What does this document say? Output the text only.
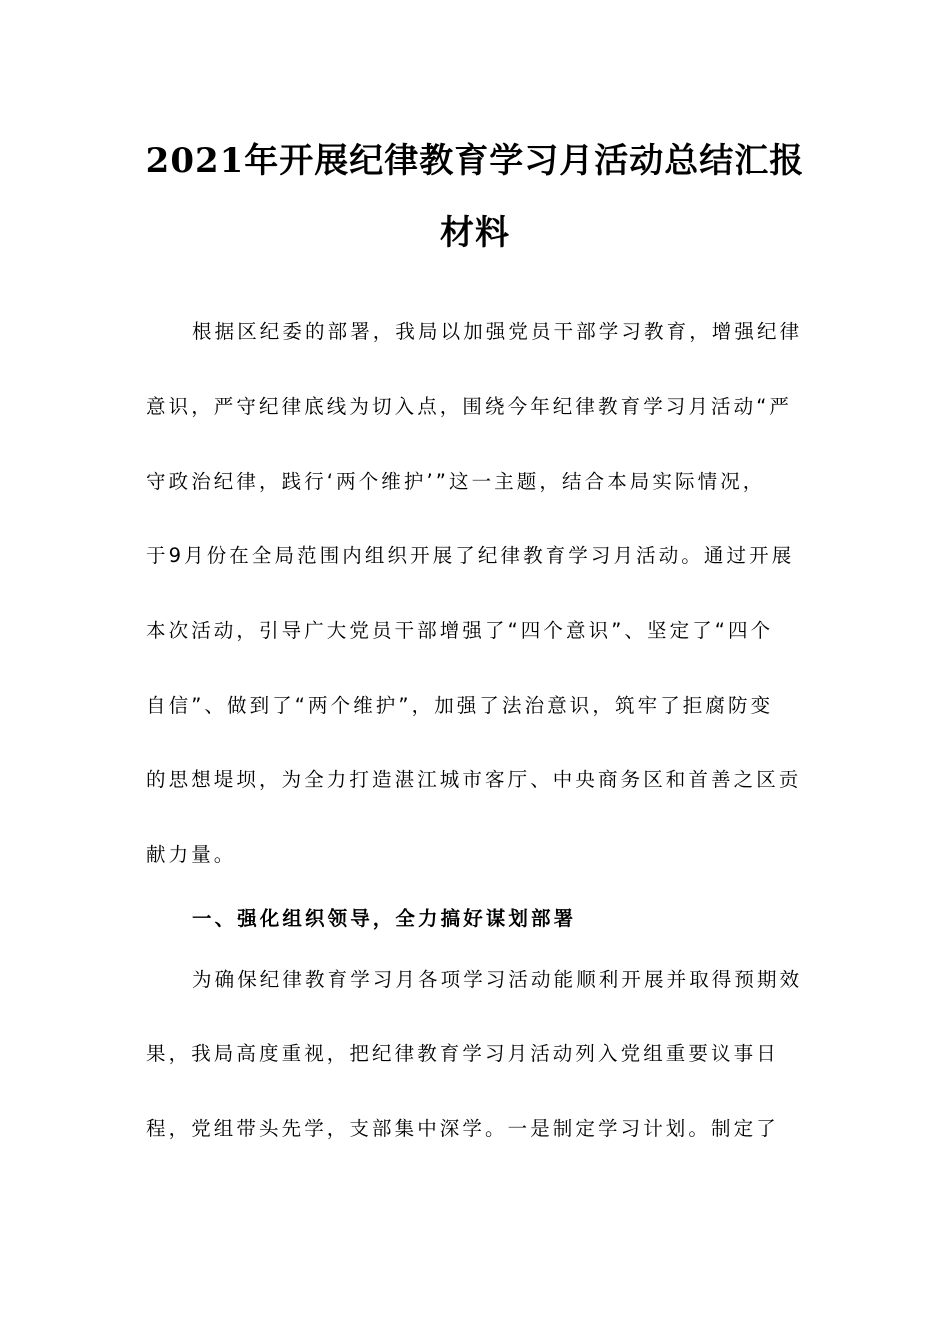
2021年开展纪律教育学习月活动总结汇报
材料

根据区纪委的部署，我局以加强党员干部学习教育，增强纪律

意识，严守纪律底线为切入点，围绕今年纪律教育学习月活动“严

守政治纪律，践行‘两个维护’”这一主题，结合本局实际情况，

于9月份在全局范围内组织开展了纪律教育学习月活动。通过开展

本次活动，引导广大党员干部增强了“四个意识”、坚定了“四个

自信”、做到了“两个维护”，加强了法治意识，筑牢了拒腐防变

的思想堤坝，为全力打造湛江城市客厅、中央商务区和首善之区贡

献力量。

一、强化组织领导，全力搞好谋划部署

为确保纪律教育学习月各项学习活动能顺利开展并取得预期效

果，我局高度重视，把纪律教育学习月活动列入党组重要议事日

程，党组带头先学，支部集中深学。一是制定学习计划。制定了
